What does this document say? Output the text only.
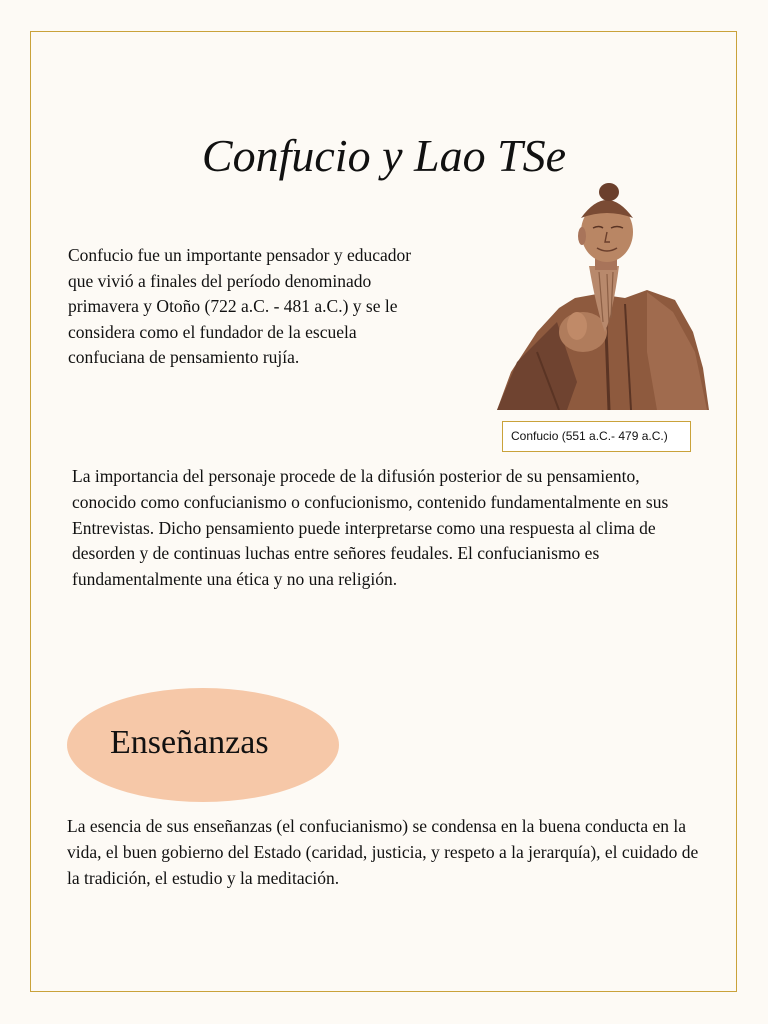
Confucio y Lao TSe

Confucio fue un importante pensador y educador que vivió a finales del período denominado primavera y Otoño (722 a.C. - 481 a.C.) y se le considera como el fundador de la escuela confuciana de pensamiento rujía.

Confucio (551 a.C.- 479 a.C.)

La importancia del personaje procede de la difusión posterior de su pensamiento, conocido como confucianismo o confucionismo, contenido fundamentalmente en sus Entrevistas. Dicho pensamiento puede interpretarse como una respuesta al clima de desorden y de continuas luchas entre señores feudales. El confucianismo es fundamentalmente una ética y no una religión.

Enseñanzas

La esencia de sus enseñanzas (el confucianismo) se condensa en la buena conducta en la vida, el buen gobierno del Estado (caridad, justicia, y respeto a la jerarquía), el cuidado de la tradición, el estudio y la meditación.
